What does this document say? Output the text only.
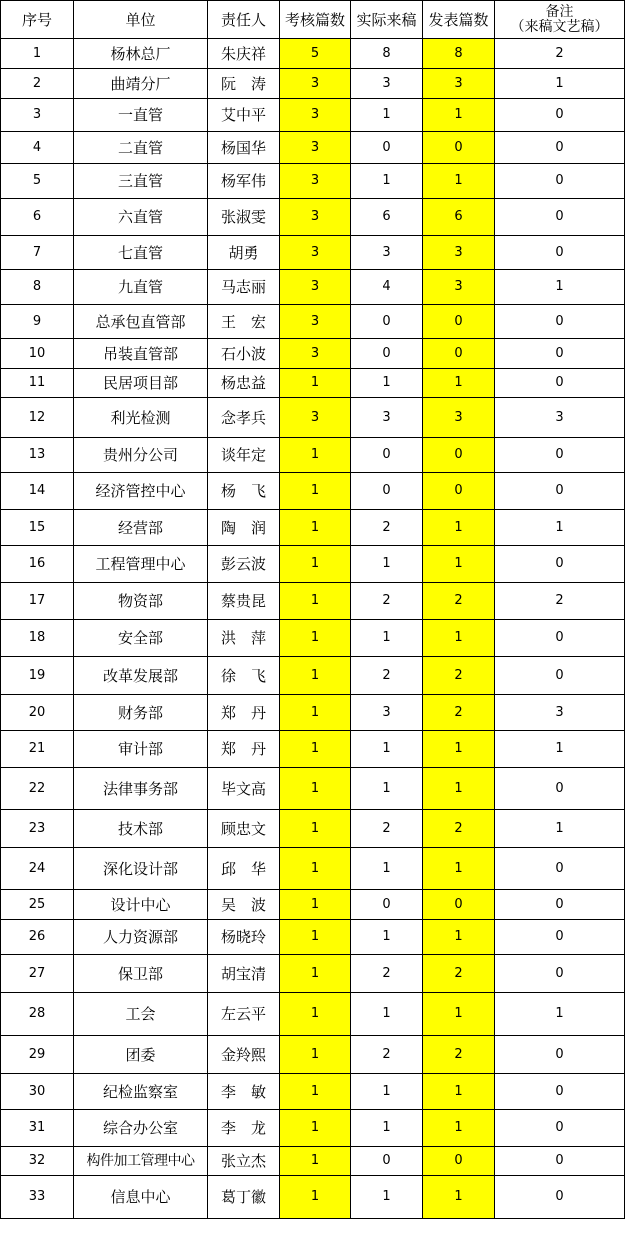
序号	单位	责任人	考核篇数	实际来稿	发表篇数	备注
（来稿文艺稿）
1	杨林总厂	朱庆祥	5	8	8	2
2	曲靖分厂	阮　涛	3	3	3	1
3	一直管	艾中平	3	1	1	0
4	二直管	杨国华	3	0	0	0
5	三直管	杨军伟	3	1	1	0
6	六直管	张淑雯	3	6	6	0
7	七直管	胡勇	3	3	3	0
8	九直管	马志丽	3	4	3	1
9	总承包直管部	王　宏	3	0	0	0
10	吊装直管部	石小波	3	0	0	0
11	民居项目部	杨忠益	1	1	1	0
12	利光检测	念孝兵	3	3	3	3
13	贵州分公司	谈年定	1	0	0	0
14	经济管控中心	杨　飞	1	0	0	0
15	经营部	陶　润	1	2	1	1
16	工程管理中心	彭云波	1	1	1	0
17	物资部	蔡贵昆	1	2	2	2
18	安全部	洪　萍	1	1	1	0
19	改革发展部	徐　飞	1	2	2	0
20	财务部	郑　丹	1	3	2	3
21	审计部	郑　丹	1	1	1	1
22	法律事务部	毕文高	1	1	1	0
23	技术部	顾忠文	1	2	2	1
24	深化设计部	邱　华	1	1	1	0
25	设计中心	吴　波	1	0	0	0
26	人力资源部	杨晓玲	1	1	1	0
27	保卫部	胡宝清	1	2	2	0
28	工会	左云平	1	1	1	1
29	团委	金羚熙	1	2	2	0
30	纪检监察室	李　敏	1	1	1	0
31	综合办公室	李　龙	1	1	1	0
32	构件加工管理中心	张立杰	1	0	0	0
33	信息中心	葛丁徽	1	1	1	0
